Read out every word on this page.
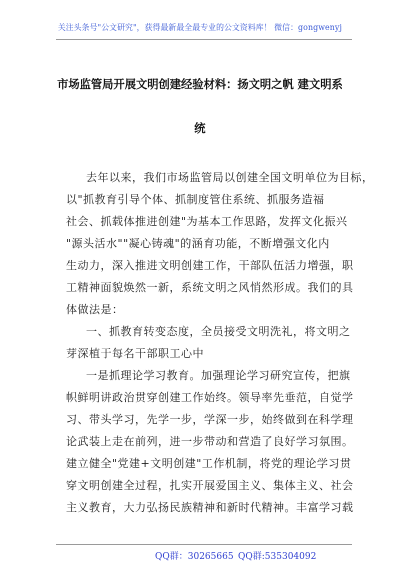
关注头条号"公文研究"，获得最新最全最专业的公文资料库！ 微信：gongwenyj
市场监管局开展文明创建经验材料：扬文明之帆 建文明系
统
去年以来，我们市场监管局以创建全国文明单位为目标，
以"抓教育引导个体、抓制度管住系统、抓服务造福
社会、抓载体推进创建"为基本工作思路，发挥文化振兴
"源头活水""凝心铸魂"的涵育功能，不断增强文化内
生动力，深入推进文明创建工作，干部队伍活力增强，职
工精神面貌焕然一新，系统文明之风悄然形成。我们的具
体做法是：
一、抓教育转变态度，全员接受文明洗礼，将文明之
芽深植于每名干部职工心中
一是抓理论学习教育。加强理论学习研究宣传，把旗
帜鲜明讲政治贯穿创建工作始终。领导率先垂范，自觉学
习、带头学习，先学一步，学深一步，始终做到在科学理
论武装上走在前列，进一步带动和营造了良好学习氛围。
建立健全"党建+文明创建"工作机制，将党的理论学习贯
穿文明创建全过程，扎实开展爱国主义、集体主义、社会
主义教育，大力弘扬民族精神和新时代精神。丰富学习载
QQ群：30265665 QQ群:535304092
